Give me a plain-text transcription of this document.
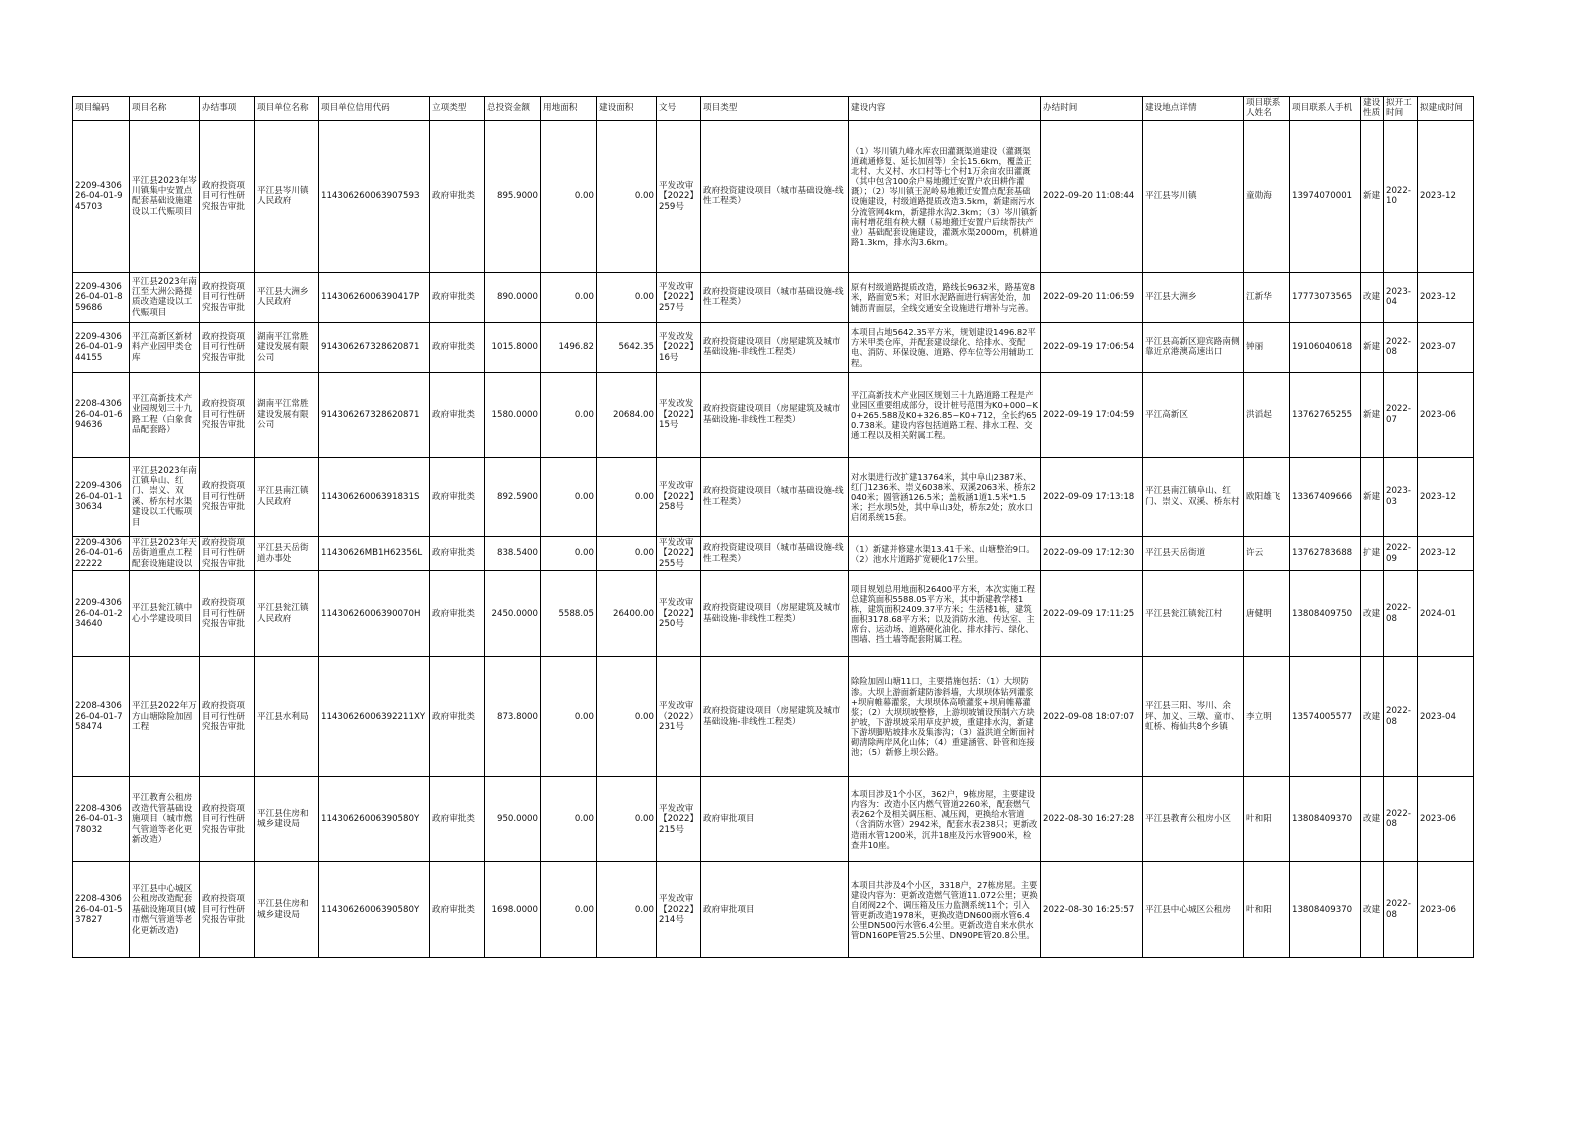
项目编码	项目名称	办结事项	项目单位名称	项目单位信用代码	立项类型	总投资金额	用地面积	建设面积	文号	项目类型	建设内容	办结时间	建设地点详情	项目联系人姓名	项目联系人手机	建设性质	拟开工时间	拟建成时间
2209-430626-04-01-945703	平江县2023年岑川镇集中安置点配套基础设施建设以工代赈项目	政府投资项目可行性研究报告审批	平江县岑川镇人民政府	11430626006390759З	政府审批类	895.9000	0.00	0.00	平发改审【2022】259号	政府投资建设项目（城市基础设施-线性工程类）	（1）岑川镇九峰水库农田灌溉渠道建设（灌溉渠道疏通修复、延长加固等）全长15.6km，覆盖正北村、大义村、水口村等七个村1万余亩农田灌溉（其中包含100余户易地搬迁安置户农田耕作灌溉）；（2）岑川镇王泥岭易地搬迁安置点配套基础设施建设，村级道路提质改造3.5km，新建雨污水分流管网4km，新建排水沟2.3km；（3）岑川镇新南村增花组有秧大棚（易地搬迁安置户后续帮扶产业）基础配套设施建设，灌溉水渠2000m，机耕道路1.3km，排水沟3.6km。	2022-09-20 11:08:44	平江县岑川镇	童勋海	13974070001	新建	2022-10	2023-12
2209-430626-04-01-859686	平江县2023年南江至大洲公路提质改造建设以工代赈项目	政府投资项目可行性研究报告审批	平江县大洲乡人民政府	11430626006390417P	政府审批类	890.0000	0.00	0.00	平发改审【2022】257号	政府投资建设项目（城市基础设施-线性工程类）	原有村级道路提质改造，路线长9632米，路基宽8米，路面宽5米；对旧水泥路面进行病害处治，加铺沥青面层，全线交通安全设施进行增补与完善。	2022-09-20 11:06:59	平江县大洲乡	江新华	17773073565	改建	2023-04	2023-12
2209-430626-04-01-944155	平江高新区新材料产业园甲类仓库	政府投资项目可行性研究报告审批	湖南平江常胜建设发展有限公司	914306267328620871	政府审批类	1015.8000	1496.82	5642.35	平发改发【2022】16号	政府投资建设项目（房屋建筑及城市基础设施-非线性工程类）	本项目占地5642.35平方米，规划建设1496.82平方米甲类仓库，并配套建设绿化、给排水、变配电、消防、环保设施、道路、停车位等公用辅助工程。	2022-09-19 17:06:54	平江县高新区迎宾路南侧靠近京港澳高速出口	钟丽	19106040618	新建	2022-08	2023-07
2208-430626-04-01-694636	平江高新技术产业园规划三十九路工程（白象食品配套路）	政府投资项目可行性研究报告审批	湖南平江常胜建设发展有限公司	914306267328620871	政府审批类	1580.0000	0.00	20684.00	平发改发【2022】15号	政府投资建设项目（房屋建筑及城市基础设施-非线性工程类）	平江高新技术产业园区规划三十九路道路工程是产业园区重要组成部分，设计桩号范围为K0+000~K0+265.588及K0+326.85~K0+712，全长约650.738米。建设内容包括道路工程、排水工程、交通工程以及相关附属工程。	2022-09-19 17:04:59	平江高新区	洪滔起	13762765255	新建	2022-07	2023-06
2209-430626-04-01-130634	平江县2023年南江镇阜山、红门、崇义、双溪、桥东村水渠建设以工代赈项目	政府投资项目可行性研究报告审批	平江县南江镇人民政府	11430626006391831S	政府审批类	892.5900	0.00	0.00	平发改审【2022】258号	政府投资建设项目（城市基础设施-线性工程类）	对水渠进行改扩建13764米，其中阜山2387米、红门1236米、崇义6038米、双溪2063米、桥东2040米；圆管涵126.5米；盖板涵1道1.5米*1.5米；拦水坝5处，其中阜山3处，桥东2处；放水口启闭系统15套。	2022-09-09 17:13:18	平江县南江镇阜山、红门、崇义、双溪、桥东村	欧阳雄飞	13367409666	新建	2023-03	2023-12
2209-430626-04-01-622222	平江县2023年天岳街道重点工程配套设施建设以	政府投资项目可行性研究报告审批	平江县天岳街道办事处	11430626MB1H62356L	政府审批类	838.5400	0.00	0.00	平发改审【2022】255号	政府投资建设项目（城市基础设施-线性工程类）	（1）新建并修建水渠13.41千米、山塘整治9口。（2）池水片道路扩宽硬化17公里。	2022-09-09 17:12:30	平江县天岳街道	许云	13762783688	扩建	2022-09	2023-12
2209-430626-04-01-234640	平江县瓮江镇中心小学建设项目	政府投资项目可行性研究报告审批	平江县瓮江镇人民政府	11430626006390070H	政府审批类	2450.0000	5588.05	26400.00	平发改审【2022】250号	政府投资建设项目（房屋建筑及城市基础设施-非线性工程类）	项目规划总用地面积26400平方米，本次实施工程总建筑面积5588.05平方米，其中新建教学楼1栋，建筑面积2409.37平方米；生活楼1栋，建筑面积3178.68平方米；以及消防水池、传达室、主席台、运动场、道路硬化油化、排水排污、绿化、围墙、挡土墙等配套附属工程。	2022-09-09 17:11:25	平江县瓮江镇瓮江村	唐健明	13808409750	改建	2022-08	2024-01
2208-430626-04-01-758474	平江县2022年万方山塘除险加固工程	政府投资项目可行性研究报告审批	平江县水利局	11430626006392211XY	政府审批类	873.8000	0.00	0.00	平发改审（2022）231号	政府投资建设项目（房屋建筑及城市基础设施-非线性工程类）	除险加固山塘11口，主要措施包括：（1）大坝防渗。大坝上游面新建防渗斜墙，大坝坝体钻列灌浆+坝肩帷幕灌浆，大坝坝体高喷灌浆+坝肩帷幕灌浆；（2）大坝坝坡整修，上游坝坡铺设预制六方块护坡，下游坝坡采用草皮护坡，重建排水沟，新建下游坝脚贴坡排水及集渗沟；（3）溢洪道全断面衬砌清除两岸风化山体；（4）重建涵管、卧管和连接池；（5）新修上坝公路。	2022-09-08 18:07:07	平江县三阳、岑川、余坪、加义、三墩、童市、虹桥、梅仙共8个乡镇	李立明	13574005577	改建	2022-08	2023-04
2208-430626-04-01-378032	平江教育公租房改造代管基础设施项目（城市燃气管道等老化更新改造）	政府投资项目可行性研究报告审批	平江县住房和城乡建设局	11430626006390580Y	政府审批类	950.0000	0.00	0.00	平发改审【2022】215号	政府审批项目	本项目涉及1个小区，362户，9栋房屋，主要建设内容为：改造小区内燃气管道2260米，配套燃气表262个及相关调压柜、减压阀，更换给水管道（含消防水管）2942米，配套水表238只；更新改造雨水管1200米，沉井18座及污水管900米，检查井10座。	2022-08-30 16:27:28	平江县教育公租房小区	叶和阳	13808409370	改建	2022-08	2023-06
2208-430626-04-01-537827	平江县中心城区公租房改造配套基础设施项目(城市燃气管道等老化更新改造)	政府投资项目可行性研究报告审批	平江县住房和城乡建设局	11430626006390580Y	政府审批类	1698.0000	0.00	0.00	平发改审【2022】214号	政府审批项目	本项目共涉及4个小区，3318户，27栋房屋。主要建设内容为：更新改造燃气管道11.072公里；更换自闭阀22个、调压箱及压力监测系统11个；引入管更新改造1978米，更换改造DN600雨水管6.4公里DN500污水管6.4公里。更新改造自来水供水管DN160PE管25.5公里、DN90PE管20.8公里。	2022-08-30 16:25:57	平江县中心城区公租房	叶和阳	13808409370	改建	2022-08	2023-06
